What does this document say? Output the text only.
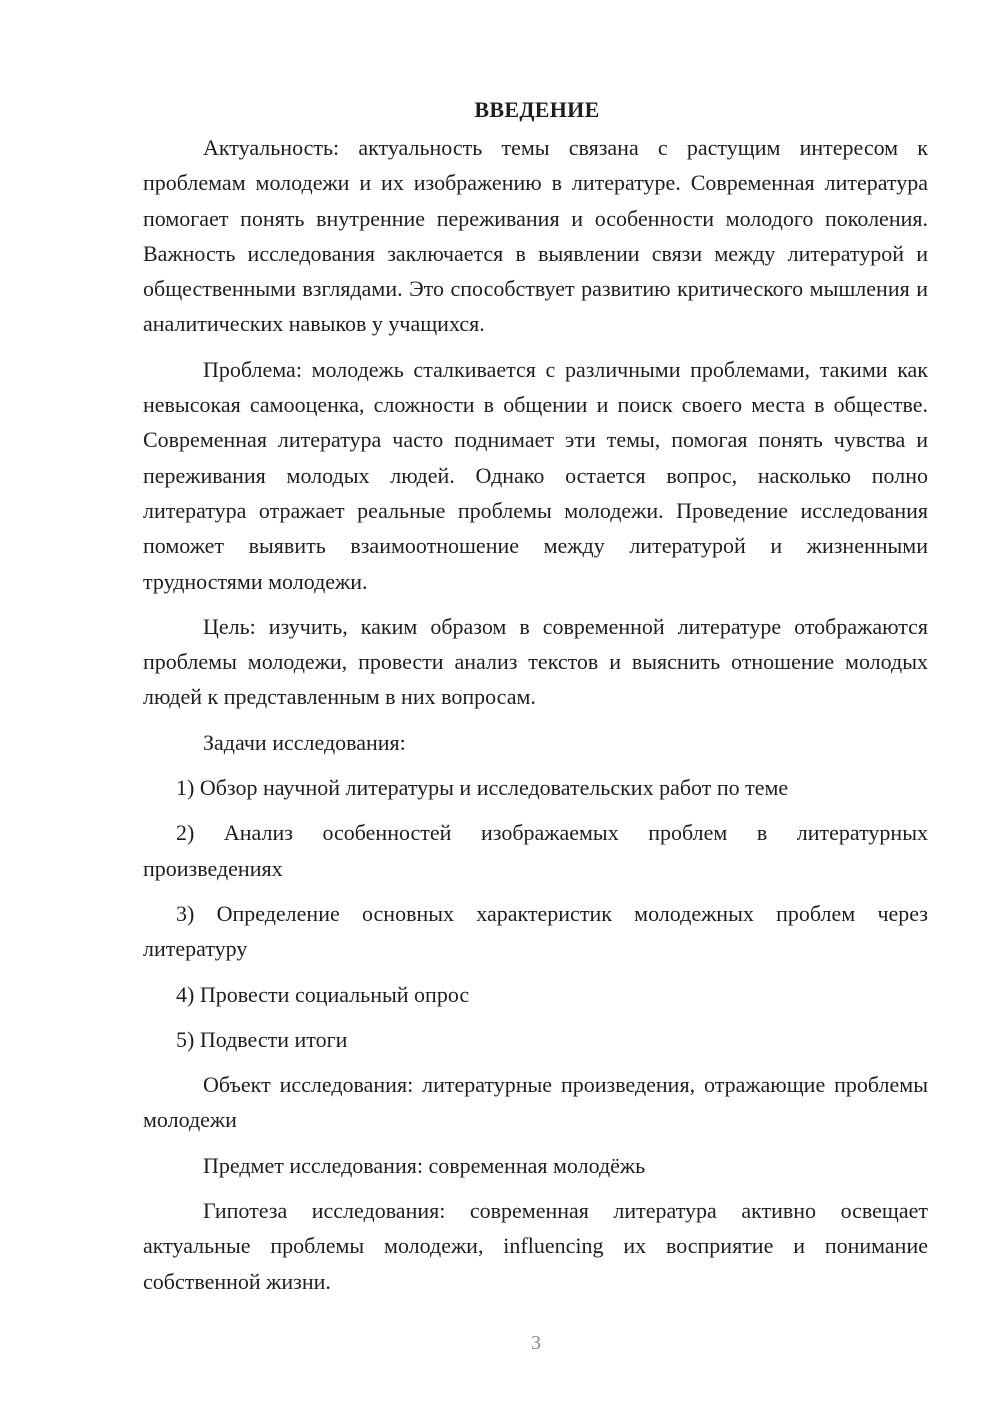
ВВЕДЕНИЕ

Актуальность: актуальность темы связана с растущим интересом к проблемам молодежи и их изображению в литературе. Современная литература помогает понять внутренние переживания и особенности молодого поколения. Важность исследования заключается в выявлении связи между литературой и общественными взглядами. Это способствует развитию критического мышления и аналитических навыков у учащихся.

Проблема: молодежь сталкивается с различными проблемами, такими как невысокая самооценка, сложности в общении и поиск своего места в обществе. Современная литература часто поднимает эти темы, помогая понять чувства и переживания молодых людей. Однако остается вопрос, насколько полно литература отражает реальные проблемы молодежи. Проведение исследования поможет выявить взаимоотношение между литературой и жизненными трудностями молодежи.

Цель: изучить, каким образом в современной литературе отображаются проблемы молодежи, провести анализ текстов и выяснить отношение молодых людей к представленным в них вопросам.

Задачи исследования:

1) Обзор научной литературы и исследовательских работ по теме

2) Анализ особенностей изображаемых проблем в литературных произведениях

3) Определение основных характеристик молодежных проблем через литературу

4) Провести социальный опрос

5) Подвести итоги

Объект исследования: литературные произведения, отражающие проблемы молодежи

Предмет исследования: современная молодёжь

Гипотеза исследования: современная литература активно освещает актуальные проблемы молодежи, influencing их восприятие и понимание собственной жизни.

3
